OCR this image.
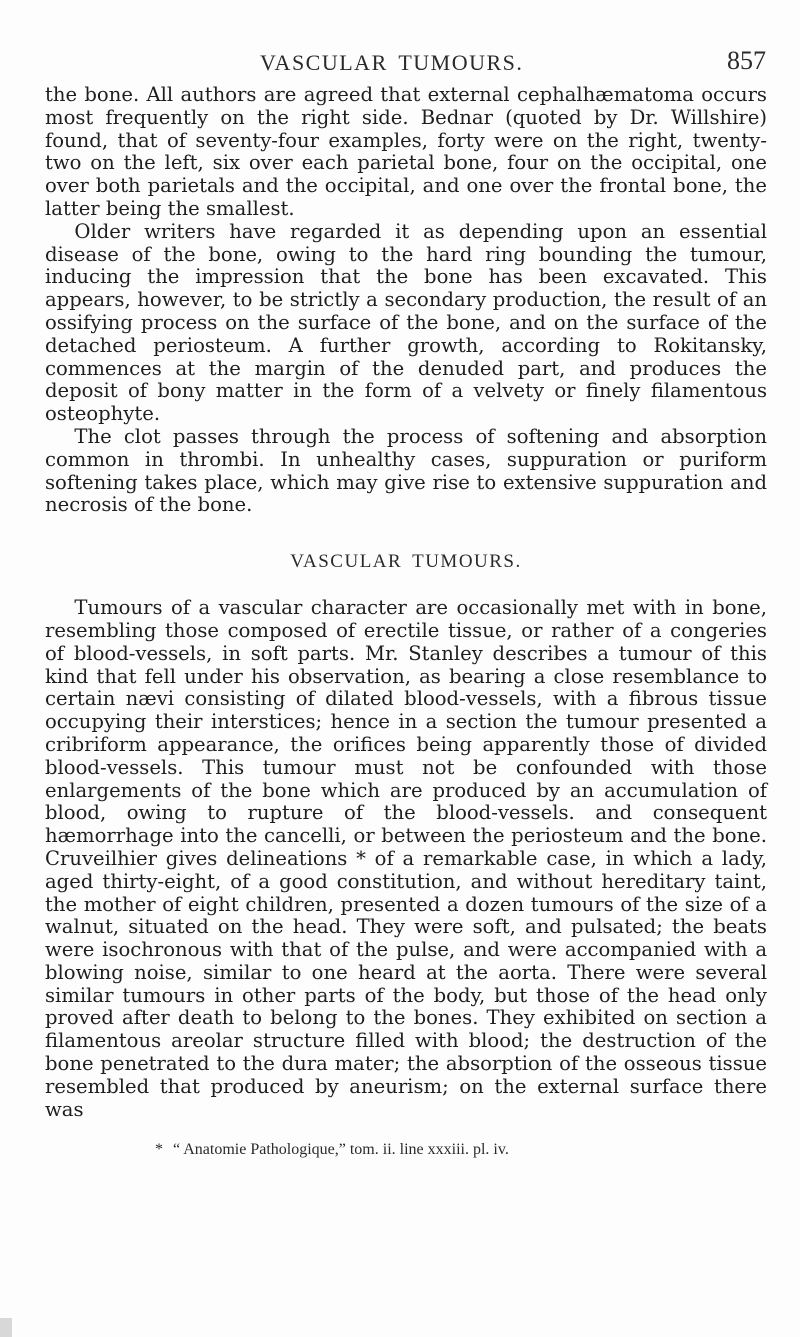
VASCULAR TUMOURS.	857

the bone. All authors are agreed that external cephalhæmatoma occurs most frequently on the right side. Bednar (quoted by Dr. Willshire) found, that of seventy-four examples, forty were on the right, twenty-two on the left, six over each parietal bone, four on the occipital, one over both parietals and the occipital, and one over the frontal bone, the latter being the smallest.

Older writers have regarded it as depending upon an essential disease of the bone, owing to the hard ring bounding the tumour, inducing the impression that the bone has been excavated. This appears, however, to be strictly a secondary production, the result of an ossifying process on the surface of the bone, and on the surface of the detached periosteum. A further growth, according to Rokitansky, commences at the margin of the denuded part, and produces the deposit of bony matter in the form of a velvety or finely filamentous osteophyte.

The clot passes through the process of softening and absorption common in thrombi. In unhealthy cases, suppuration or puriform softening takes place, which may give rise to extensive suppuration and necrosis of the bone.

VASCULAR TUMOURS.

Tumours of a vascular character are occasionally met with in bone, resembling those composed of erectile tissue, or rather of a congeries of blood-vessels, in soft parts. Mr. Stanley describes a tumour of this kind that fell under his observation, as bearing a close resemblance to certain nævi consisting of dilated blood-vessels, with a fibrous tissue occupying their interstices; hence in a section the tumour presented a cribriform appearance, the orifices being apparently those of divided blood-vessels. This tumour must not be confounded with those enlargements of the bone which are produced by an accumulation of blood, owing to rupture of the blood-vessels. and consequent hæmorrhage into the cancelli, or between the periosteum and the bone. Cruveilhier gives delineations * of a remarkable case, in which a lady, aged thirty-eight, of a good constitution, and without hereditary taint, the mother of eight children, presented a dozen tumours of the size of a walnut, situated on the head. They were soft, and pulsated; the beats were isochronous with that of the pulse, and were accompanied with a blowing noise, similar to one heard at the aorta. There were several similar tumours in other parts of the body, but those of the head only proved after death to belong to the bones. They exhibited on section a filamentous areolar structure filled with blood; the destruction of the bone penetrated to the dura mater; the absorption of the osseous tissue resembled that produced by aneurism; on the external surface there was

* “ Anatomie Pathologique,” tom. ii. line xxxiii. pl. iv.
